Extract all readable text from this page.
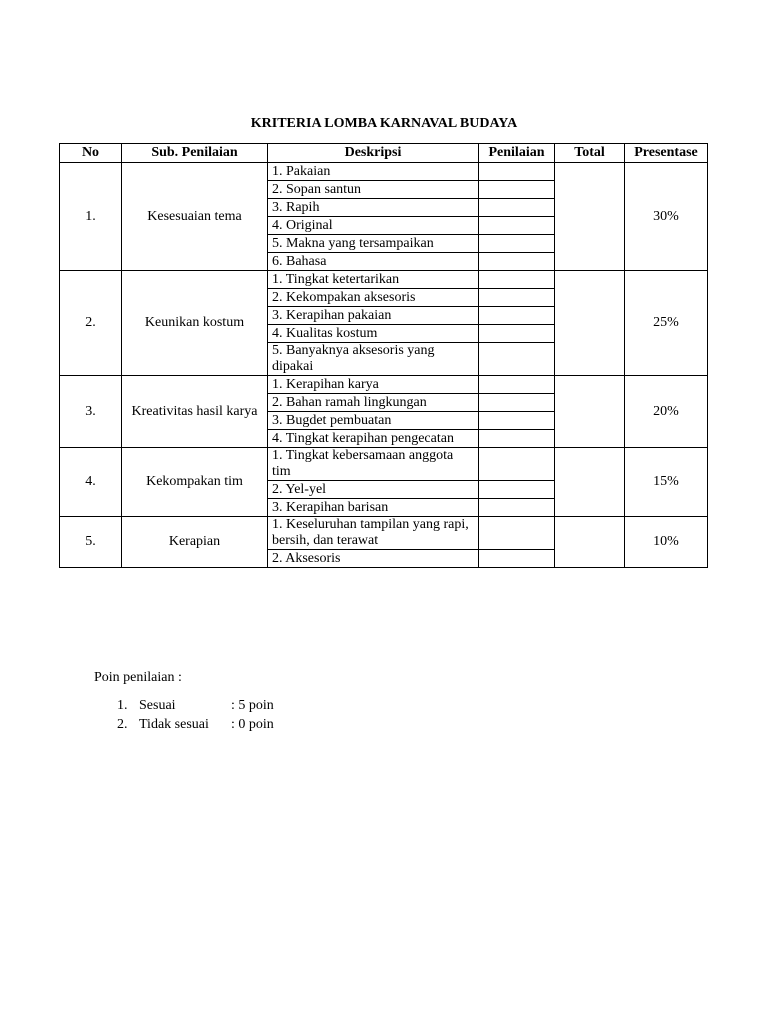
KRITERIA LOMBA KARNAVAL BUDAYA
No	Sub. Penilaian	Deskripsi	Penilaian	Total	Presentase
1.	Kesesuaian tema	1. Pakaian			30%
		2. Sopan santun			
		3. Rapih			
		4. Original			
		5. Makna yang tersampaikan			
		6. Bahasa			
2.	Keunikan kostum	1. Tingkat ketertarikan			25%
		2. Kekompakan aksesoris			
		3. Kerapihan pakaian			
		4. Kualitas kostum			
		5. Banyaknya aksesoris yang dipakai			
3.	Kreativitas hasil karya	1. Kerapihan karya			20%
		2. Bahan ramah lingkungan			
		3. Bugdet pembuatan			
		4. Tingkat kerapihan pengecatan			
4.	Kekompakan tim	1. Tingkat kebersamaan anggota tim			15%
		2. Yel-yel			
		3. Kerapihan barisan			
5.	Kerapian	1. Keseluruhan tampilan yang rapi, bersih, dan terawat			10%
		2. Aksesoris			
Poin penilaian :
1. Sesuai	: 5 poin
2. Tidak sesuai	: 0 poin
